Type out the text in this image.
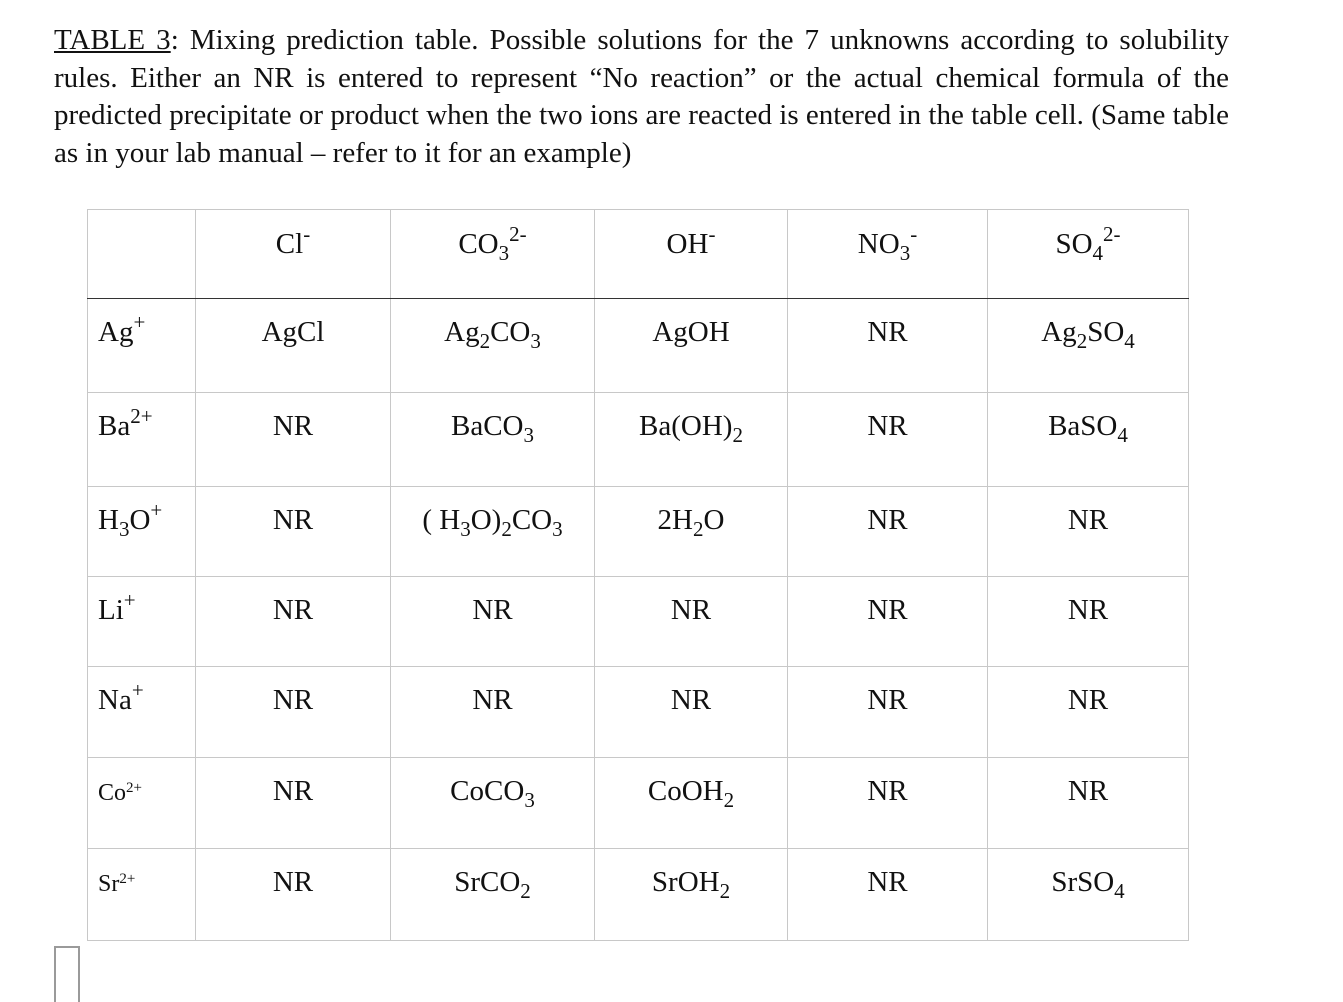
TABLE 3: Mixing prediction table. Possible solutions for the 7 unknowns according to solubility rules. Either an NR is entered to represent “No reaction” or the actual chemical formula of the predicted precipitate or product when the two ions are reacted is entered in the table cell. (Same table as in your lab manual – refer to it for an example)
	Cl-	$CO_3^{2-}$	OH-	$NO_3^-$	$SO_4^{2-}$
Ag+	AgCl	$Ag_2CO_3$	AgOH	NR	$Ag_2SO_4$
$Ba^{2+}$	NR	BaCO$_3$	$Ba(OH)_2$	NR	BaSO$_4$
$H_3O^+$	NR	( $H_3O)_2CO_3$	$2H_2O$	NR	NR
Li+	NR	NR	NR	NR	NR
Na+	NR	NR	NR	NR	NR
$Co^{2+}$	NR	CoCO$_3$	CoOH$_2$	NR	NR
$Sr^{2+}$	NR	SrCO$_2$	SrOH$_2$	NR	SrSO$_4$
